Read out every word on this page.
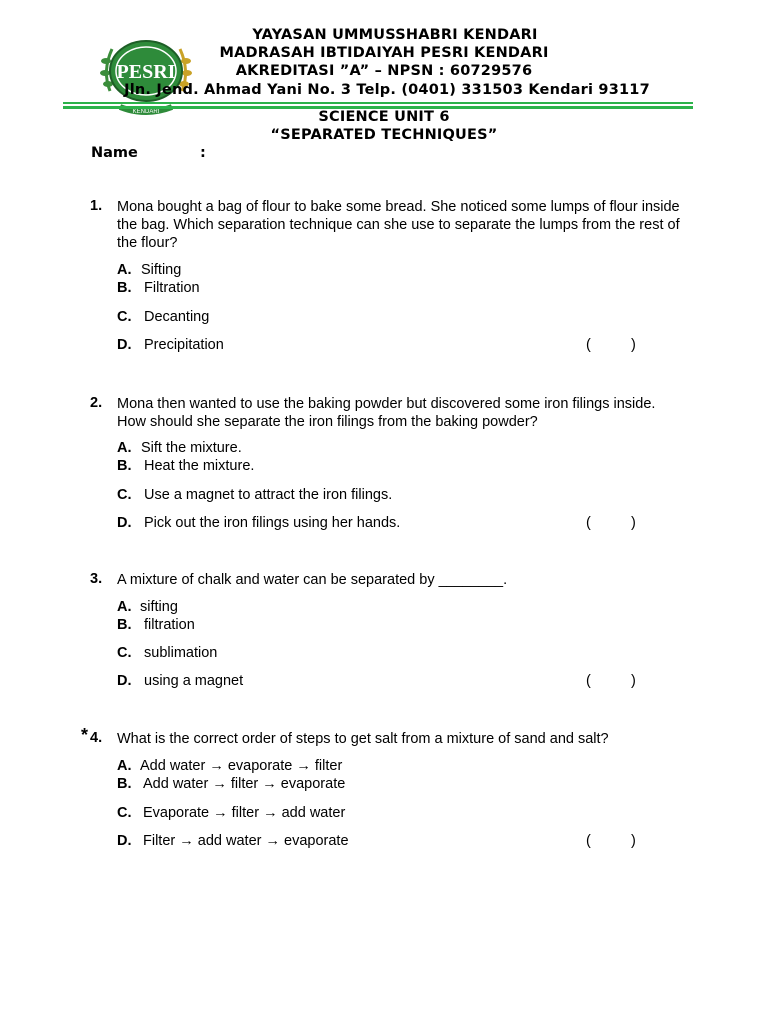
PESRI
KENDARI
YAYASAN UMMUSSHABRI KENDARI
MADRASAH IBTIDAIYAH PESRI KENDARI
AKREDITASI ”A” – NPSN : 60729576
Jln. Jend. Ahmad Yani No. 3 Telp. (0401) 331503 Kendari 93117
SCIENCE UNIT 6
“SEPARATED TECHNIQUES”
Name	:
1. Mona bought a bag of flour to bake some bread. She noticed some lumps of flour inside the bag. Which separation technique can she use to separate the lumps from the rest of the flour?
A. Sifting
B. Filtration
C. Decanting
D. Precipitation	(	)
2. Mona then wanted to use the baking powder but discovered some iron filings inside. How should she separate the iron filings from the baking powder?
A. Sift the mixture.
B. Heat the mixture.
C. Use a magnet to attract the iron filings.
D. Pick out the iron filings using her hands.	(	)
3. A mixture of chalk and water can be separated by ________.
A. sifting
B. filtration
C. sublimation
D. using a magnet	(	)
* 4. What is the correct order of steps to get salt from a mixture of sand and salt?
A. Add water → evaporate → filter
B. Add water → filter → evaporate
C. Evaporate → filter → add water
D. Filter → add water → evaporate	(	)
